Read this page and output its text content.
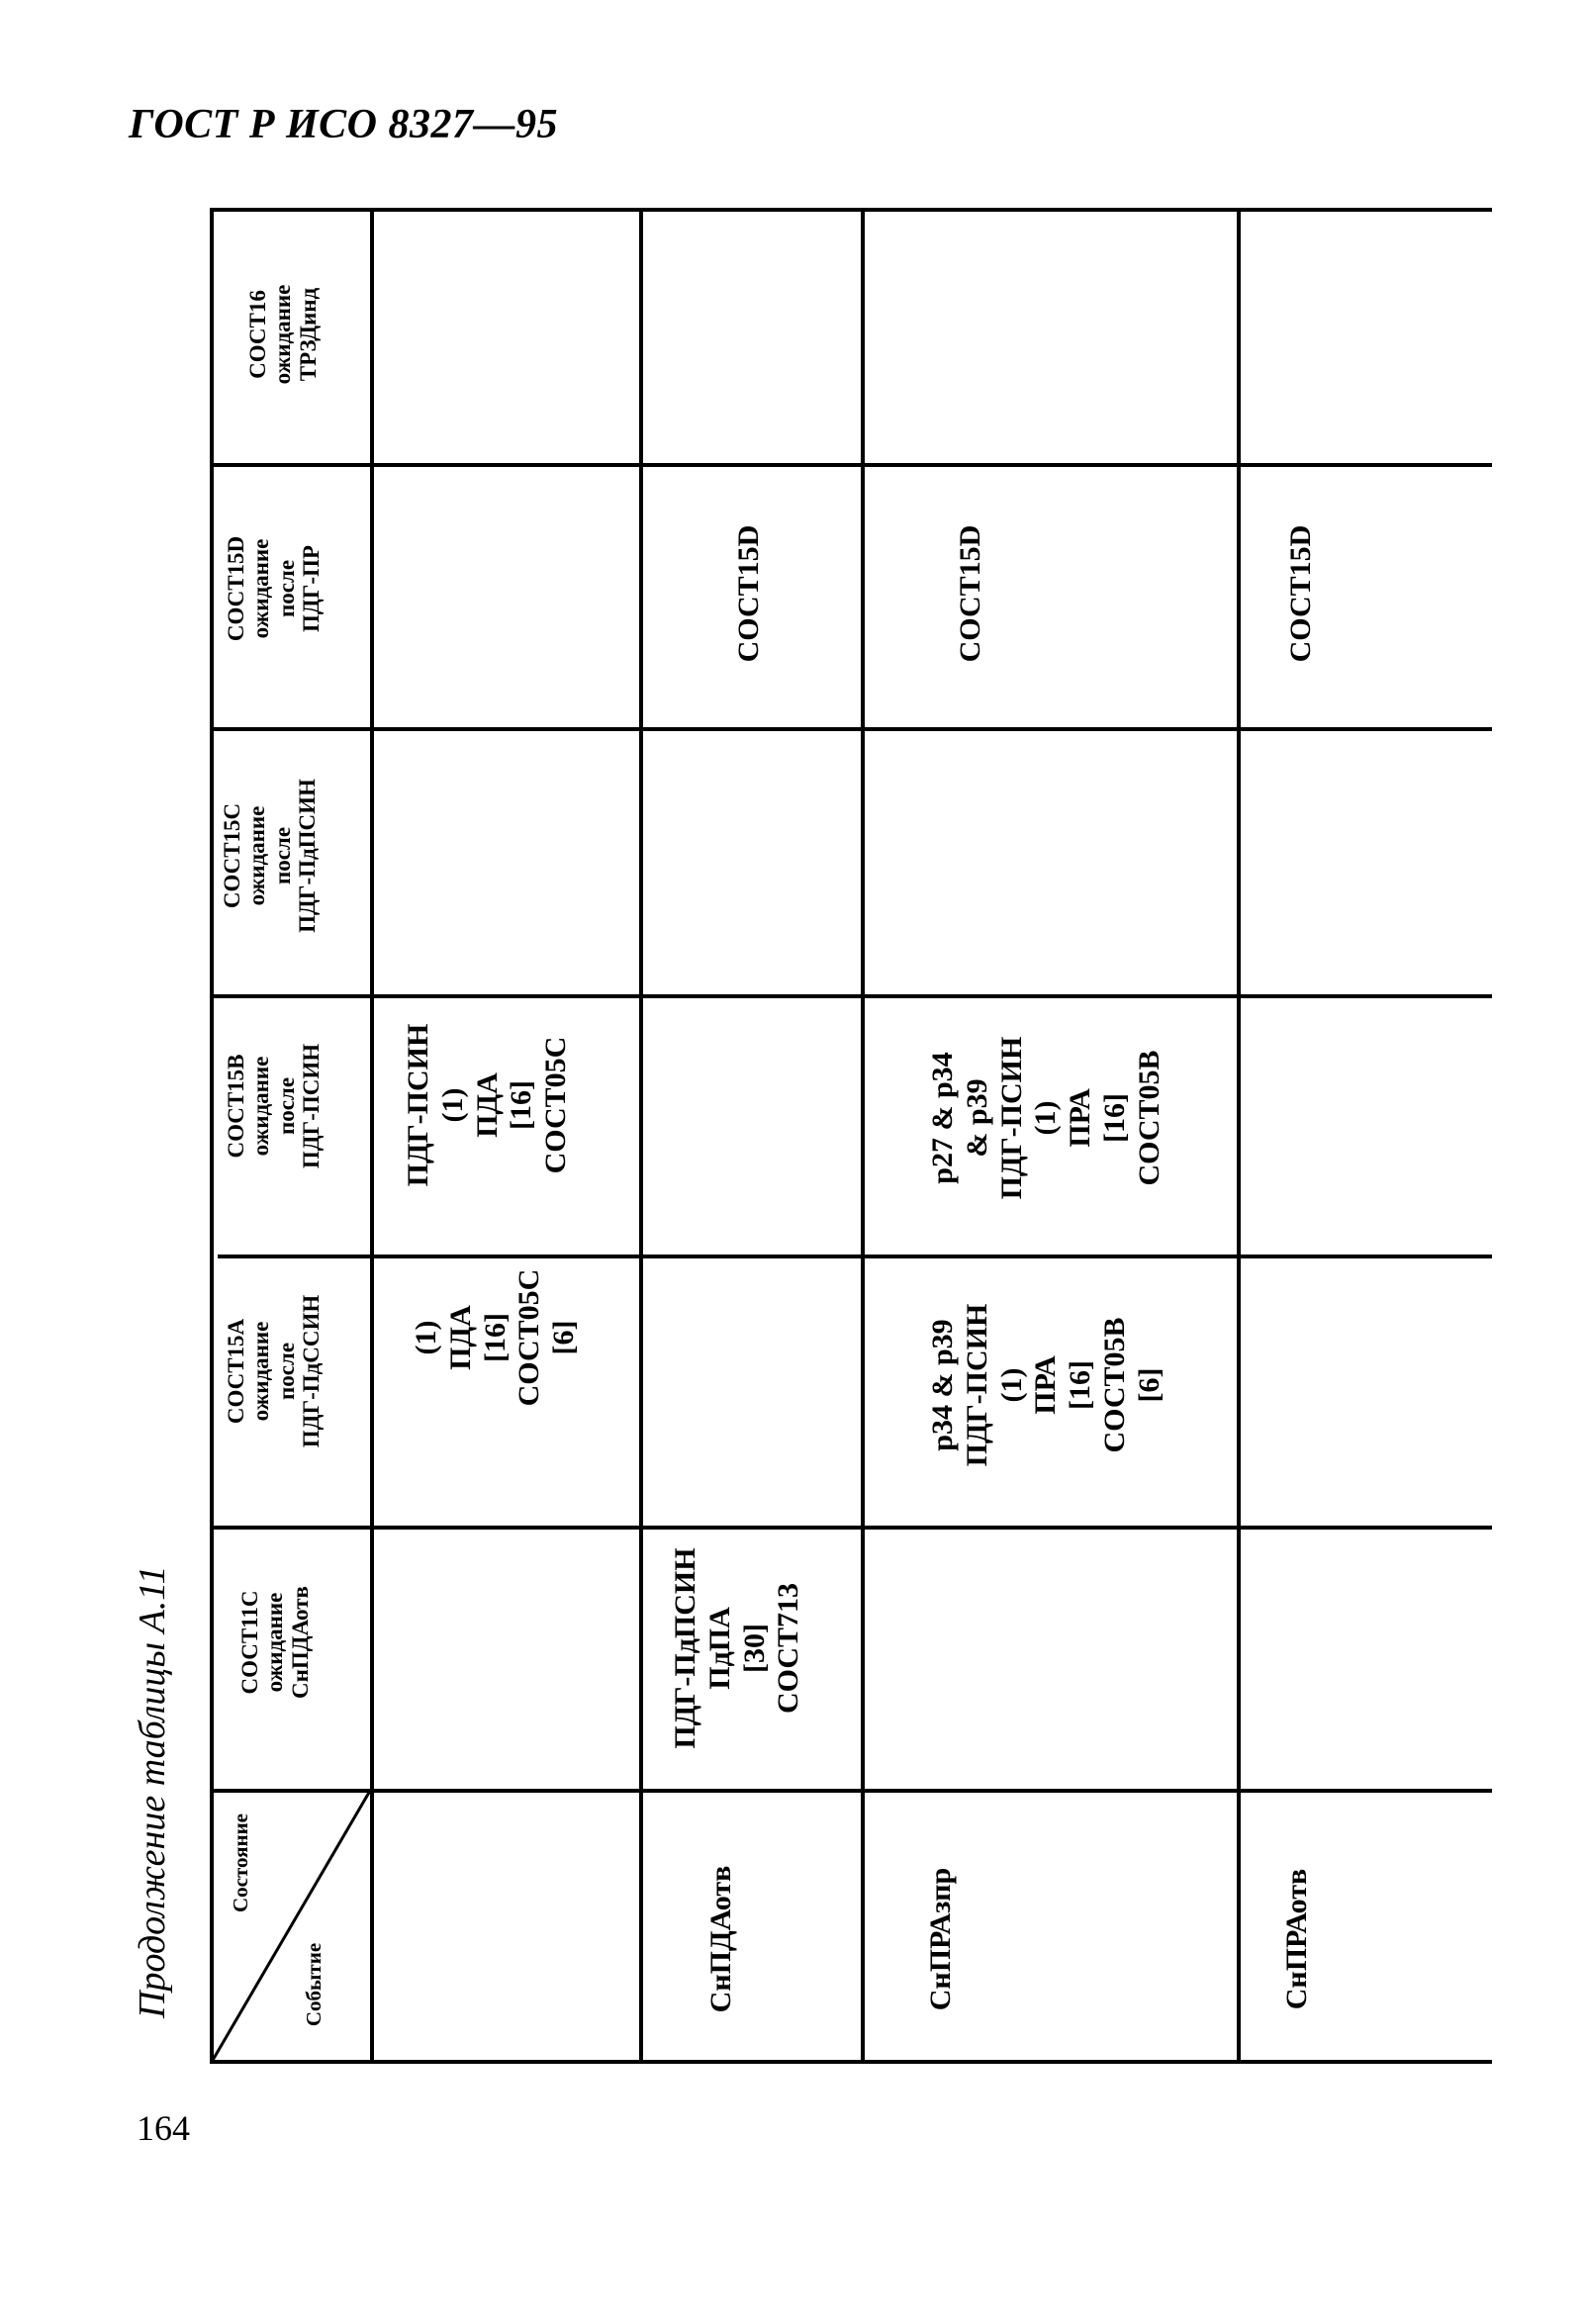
ГОСТ Р ИСО 8327—95
Состояние
Событие
СОСТ11С ожидание СнПДАотв
СОСТ15А ожидание после ПДГ-ПдССИН
СОСТ15В ожидание после ПДГ-ПСИН
СОСТ15С ожидание после ПДГ-ПдПСИН
СОСТ15D ожидание после ПДГ-ПР
СОСТ16 ожидание ТРЗДинд
(1) ПДА [16] СОСТ05С [6]
ПДГ-ПСИН (1) ПДА [16] СОСТ05С
СнПДАотв
ПДГ-ПдПСИН ПдПА [30] СОСТ713
СОСТ15D
СнПРАзпр
p34 & p39 ПДГ-ПСИН (1) ПРА [16] СОСТ05В [6]
p27 & p34 & p39 ПДГ-ПСИН (1) ПРА [16] СОСТ05В
СОСТ15D
СнПРАотв
СОСТ15D
Продолжение таблицы А.11
164
